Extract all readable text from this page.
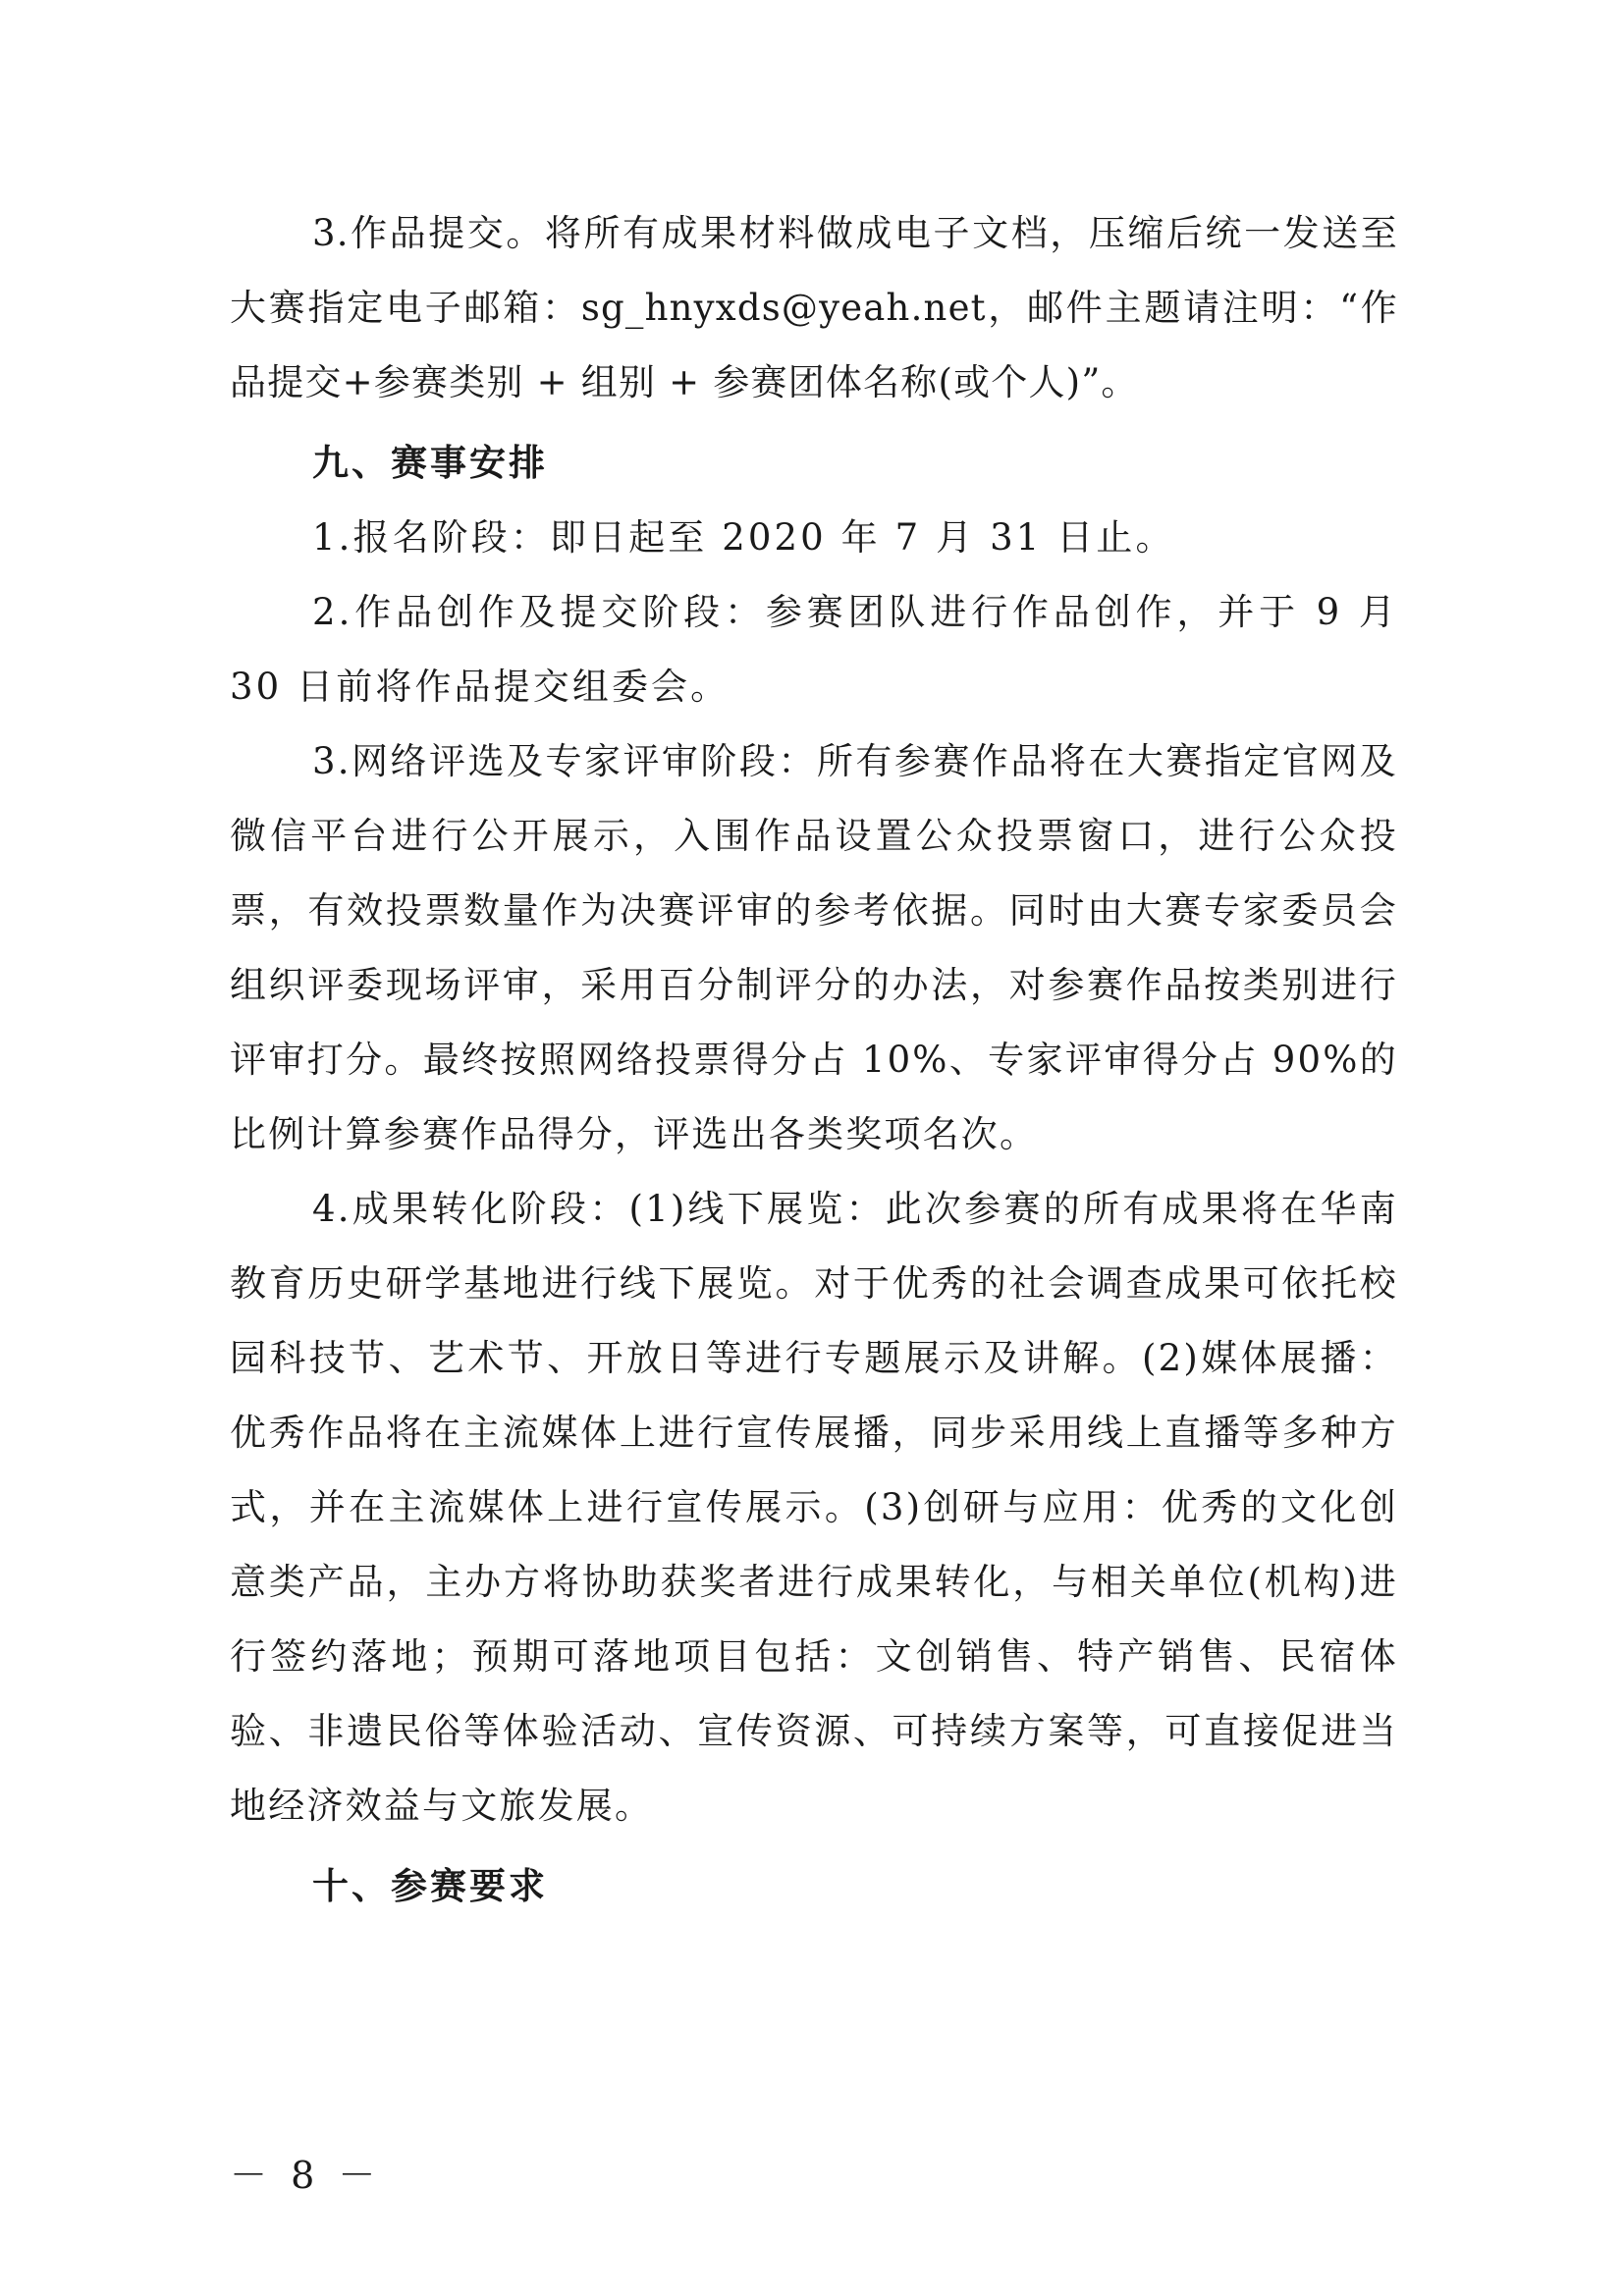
3.作品提交。将所有成果材料做成电子文档，压缩后统一发送至大赛指定电子邮箱：sg_hnyxds@yeah.net，邮件主题请注明：“作品提交+参赛类别 + 组别 + 参赛团体名称(或个人)”。

九、赛事安排

1.报名阶段：即日起至 2020 年 7 月 31 日止。

2.作品创作及提交阶段：参赛团队进行作品创作，并于 9 月 30 日前将作品提交组委会。

3.网络评选及专家评审阶段：所有参赛作品将在大赛指定官网及微信平台进行公开展示，入围作品设置公众投票窗口，进行公众投票，有效投票数量作为决赛评审的参考依据。同时由大赛专家委员会组织评委现场评审，采用百分制评分的办法，对参赛作品按类别进行评审打分。最终按照网络投票得分占 10%、专家评审得分占 90%的比例计算参赛作品得分，评选出各类奖项名次。

4.成果转化阶段：(1)线下展览：此次参赛的所有成果将在华南教育历史研学基地进行线下展览。对于优秀的社会调查成果可依托校园科技节、艺术节、开放日等进行专题展示及讲解。(2)媒体展播：优秀作品将在主流媒体上进行宣传展播，同步采用线上直播等多种方式，并在主流媒体上进行宣传展示。(3)创研与应用：优秀的文化创意类产品，主办方将协助获奖者进行成果转化，与相关单位(机构)进行签约落地；预期可落地项目包括：文创销售、特产销售、民宿体验、非遗民俗等体验活动、宣传资源、可持续方案等，可直接促进当地经济效益与文旅发展。

十、参赛要求
－ 8 －
